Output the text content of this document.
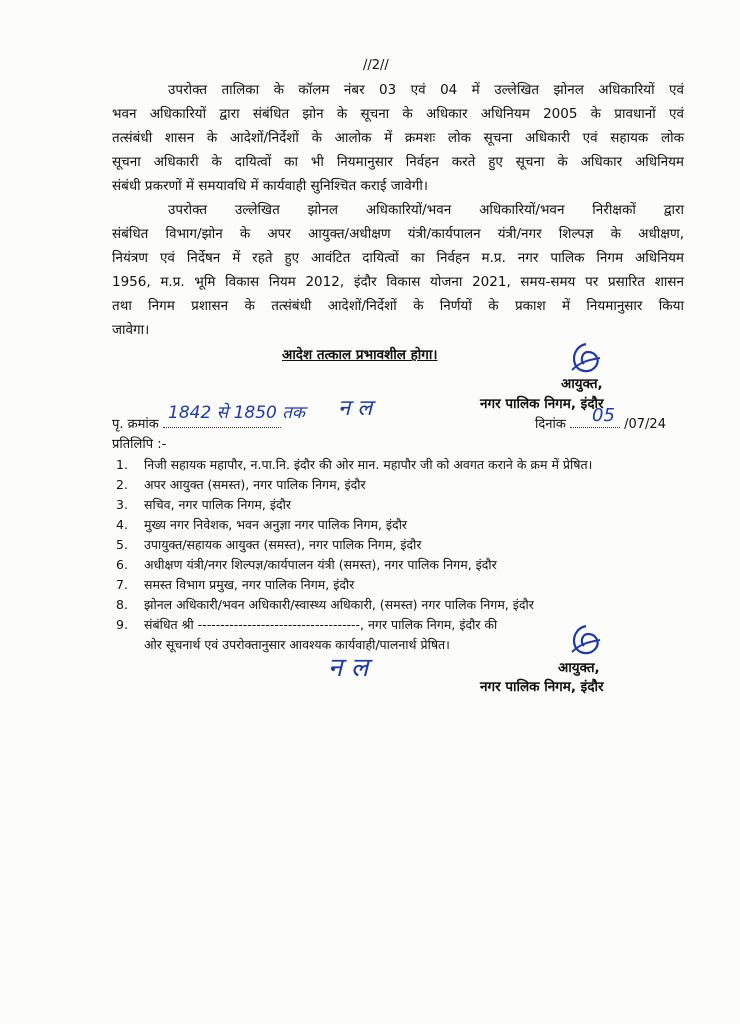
//2//
उपरोक्त तालिका के कॉलम नंबर 03 एवं 04 में उल्लेखित झोनल अधिकारियों एवं
भवन अधिकारियों द्वारा संबंधित झोन के सूचना के अधिकार अधिनियम 2005 के प्रावधानों एवं
तत्संबंधी शासन के आदेशों/निर्देशों के आलोक में क्रमशः लोक सूचना अधिकारी एवं सहायक लोक
सूचना अधिकारी के दायित्वों का भी नियमानुसार निर्वहन करते हुए सूचना के अधिकार अधिनियम
संबंधी प्रकरणों में समयावधि में कार्यवाही सुनिश्चित कराई जावेगी।
उपरोक्त उल्लेखित झोनल अधिकारियों/भवन अधिकारियों/भवन निरीक्षकों द्वारा
संबंधित विभाग/झोन के अपर आयुक्त/अधीक्षण यंत्री/कार्यपालन यंत्री/नगर शिल्पज्ञ के अधीक्षण,
नियंत्रण एवं निर्देषन में रहते हुए आवंटित दायित्वों का निर्वहन म.प्र. नगर पालिक निगम अधिनियम
1956, म.प्र. भूमि विकास नियम 2012, इंदौर विकास योजना 2021, समय-समय पर प्रसारित शासन
तथा निगम प्रशासन के तत्संबंधी आदेशों/निर्देशों के निर्णयों के प्रकाश में नियमानुसार किया
जावेगा।
आदेश तत्काल प्रभावशील होगा।
आयुक्त,
नगर पालिक निगम, इंदौर
पृ. क्रमांक
1842 से 1850 तक न ल
दिनांक	/07/24
05
प्रतिलिपि :-
1.	निजी सहायक महापौर, न.पा.नि. इंदौर की ओर मान. महापौर जी को अवगत कराने के क्रम में प्रेषित।
2.	अपर आयुक्त (समस्त), नगर पालिक निगम, इंदौर
3.	सचिव, नगर पालिक निगम, इंदौर
4.	मुख्य नगर निवेशक, भवन अनुज्ञा नगर पालिक निगम, इंदौर
5.	उपायुक्त/सहायक आयुक्त (समस्त), नगर पालिक निगम, इंदौर
6.	अधीक्षण यंत्री/नगर शिल्पज्ञ/कार्यपालन यंत्री (समस्त), नगर पालिक निगम, इंदौर
7.	समस्त विभाग प्रमुख, नगर पालिक निगम, इंदौर
8.	झोनल अधिकारी/भवन अधिकारी/स्वास्थ्य अधिकारी, (समस्त) नगर पालिक निगम, इंदौर
9.	संबंधित श्री ------------------------------------, नगर पालिक निगम, इंदौर की
ओर सूचनार्थ एवं उपरोक्तानुसार आवश्यक कार्यवाही/पालनार्थ प्रेषित।
न ल	आयुक्त,
नगर पालिक निगम, इंदौर
